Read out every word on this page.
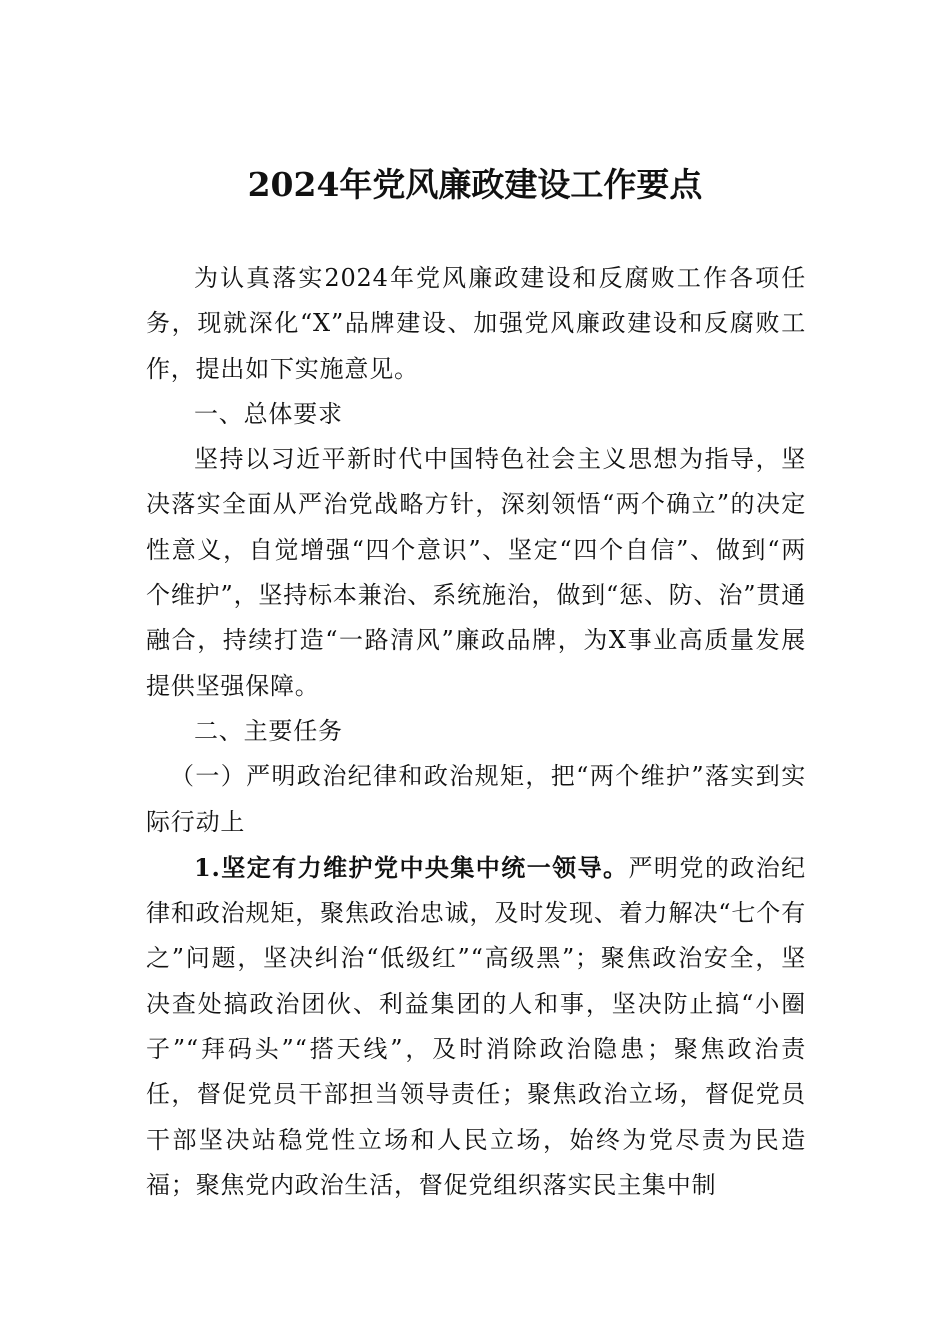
2024年党风廉政建设工作要点

为认真落实2024年党风廉政建设和反腐败工作各项任务，现就深化“X”品牌建设、加强党风廉政建设和反腐败工作，提出如下实施意见。

一、总体要求

坚持以习近平新时代中国特色社会主义思想为指导，坚决落实全面从严治党战略方针，深刻领悟“两个确立”的决定性意义，自觉增强“四个意识”、坚定“四个自信”、做到“两个维护”，坚持标本兼治、系统施治，做到“惩、防、治”贯通融合，持续打造“一路清风”廉政品牌，为X事业高质量发展提供坚强保障。

二、主要任务

（一）严明政治纪律和政治规矩，把“两个维护”落实到实际行动上

1.坚定有力维护党中央集中统一领导。严明党的政治纪律和政治规矩，聚焦政治忠诚，及时发现、着力解决“七个有之”问题，坚决纠治“低级红”“高级黑”；聚焦政治安全，坚决查处搞政治团伙、利益集团的人和事，坚决防止搞“小圈子”“拜码头”“搭天线”，及时消除政治隐患；聚焦政治责任，督促党员干部担当领导责任；聚焦政治立场，督促党员干部坚决站稳党性立场和人民立场，始终为党尽责为民造福；聚焦党内政治生活，督促党组织落实民主集中制
